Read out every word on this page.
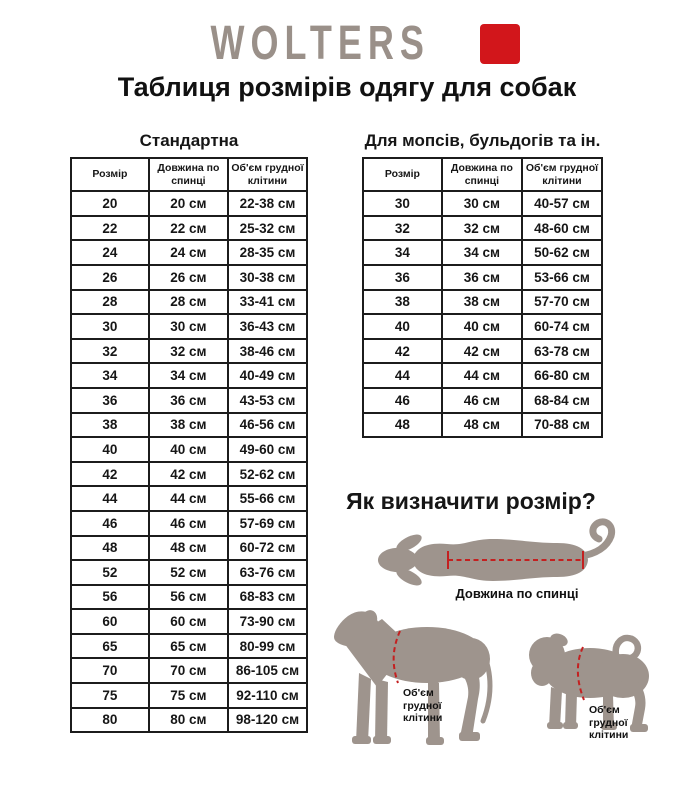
WOLTERS
Таблиця розмірів одягу для собак
Стандартна
Розмір	Довжина по спинці	Об'єм грудної клітини
20	20 см	22-38 см
22	22 см	25-32 см
24	24 см	28-35 см
26	26 см	30-38 см
28	28 см	33-41 см
30	30 см	36-43 см
32	32 см	38-46 см
34	34 см	40-49 см
36	36 см	43-53 см
38	38 см	46-56 см
40	40 см	49-60 см
42	42 см	52-62 см
44	44 см	55-66 см
46	46 см	57-69 см
48	48 см	60-72 см
52	52 см	63-76 см
56	56 см	68-83 см
60	60 см	73-90 см
65	65 см	80-99 см
70	70 см	86-105 см
75	75 см	92-110 см
80	80 см	98-120 см
Для мопсів, бульдогів та ін.
Розмір	Довжина по спинці	Об'єм грудної клітини
30	30 см	40-57 см
32	32 см	48-60 см
34	34 см	50-62 см
36	36 см	53-66 см
38	38 см	57-70 см
40	40 см	60-74 см
42	42 см	63-78 см
44	44 см	66-80 см
46	46 см	68-84 см
48	48 см	70-88 см
Як визначити розмір?
Довжина по спинці
Об'єм грудної клітини
Об'єм грудної клітини
